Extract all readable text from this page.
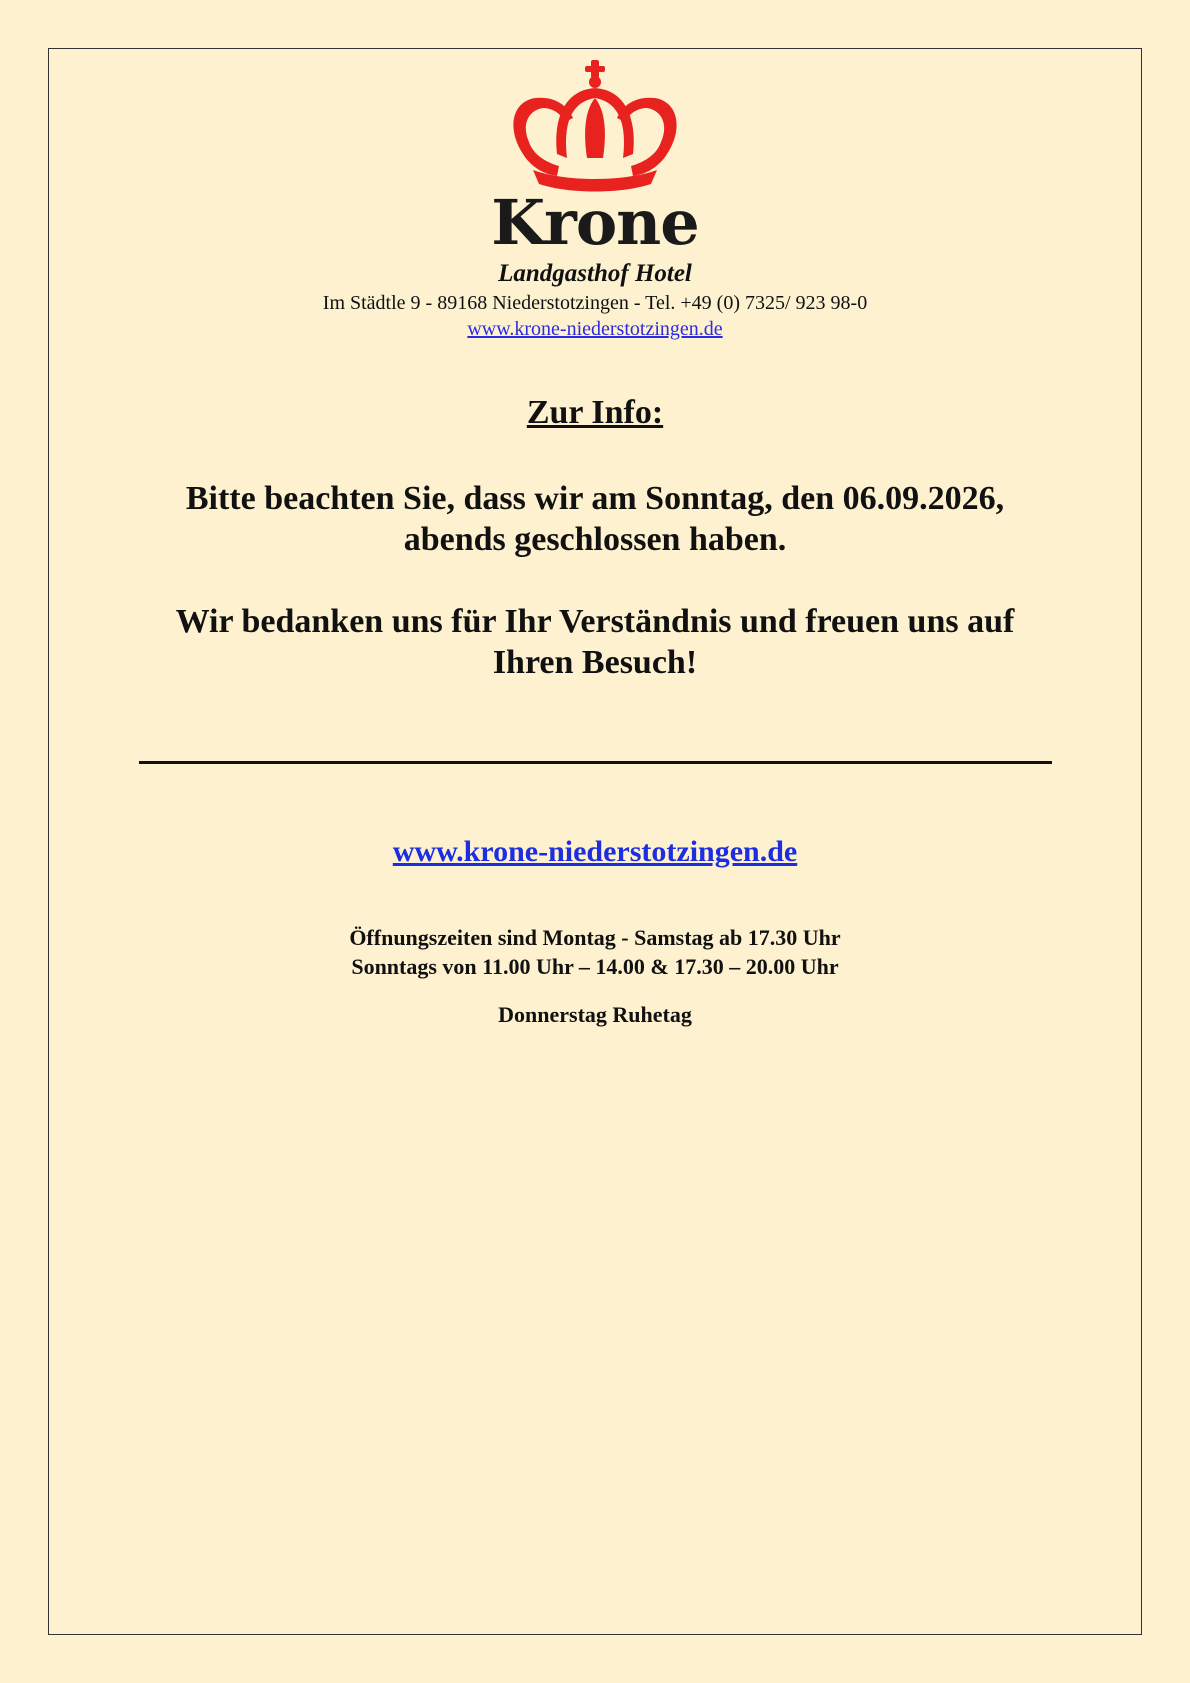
Krone
Landgasthof Hotel
Im Städtle 9 - 89168 Niederstotzingen - Tel. +49 (0) 7325/ 923 98-0
www.krone-niederstotzingen.de
Zur Info:
Bitte beachten Sie, dass wir am Sonntag, den 06.09.2026,
abends geschlossen haben.
Wir bedanken uns für Ihr Verständnis und freuen uns auf
Ihren Besuch!
www.krone-niederstotzingen.de
Öffnungszeiten sind Montag - Samstag ab 17.30 Uhr
Sonntags von 11.00 Uhr – 14.00 & 17.30 – 20.00 Uhr
Donnerstag Ruhetag
